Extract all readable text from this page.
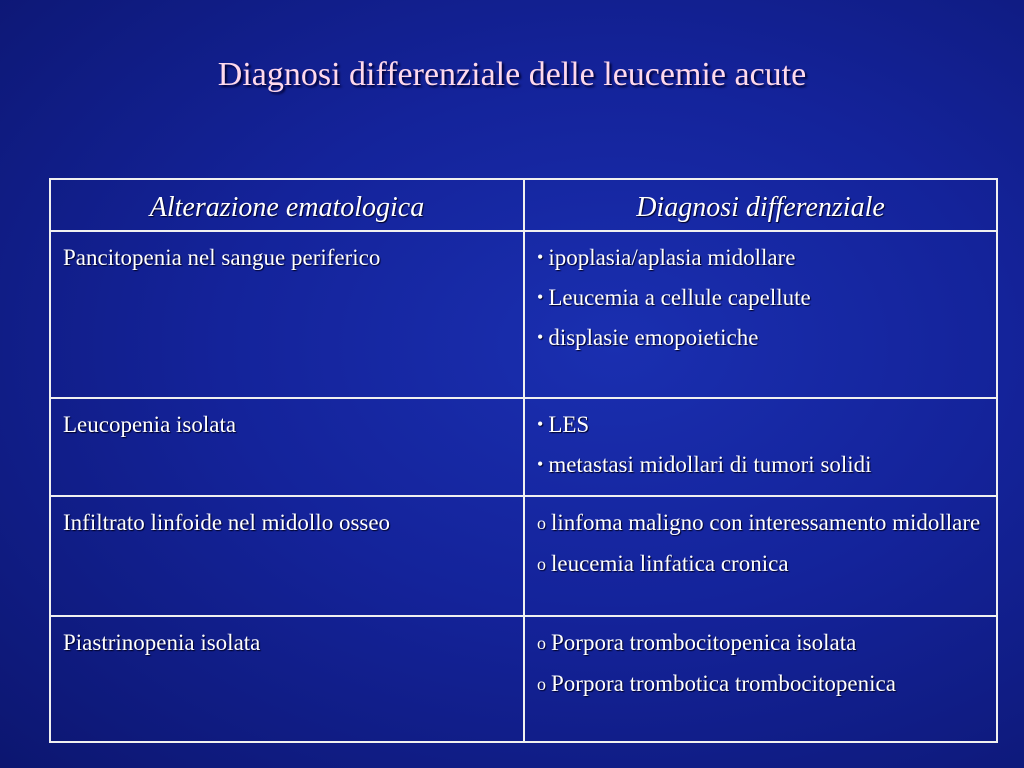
Diagnosi differenziale delle leucemie acute
Alterazione ematologica	Diagnosi differenziale
Pancitopenia nel sangue periferico	• ipoplasia/aplasia midollare
• Leucemia a cellule capellute
• displasie emopoietiche

Leucopenia isolata	• LES
• metastasi midollari di tumori solidi

Infiltrato linfoide nel midollo osseo	o linfoma maligno con interessamento midollare
o leucemia linfatica cronica

Piastrinopenia isolata	o Porpora trombocitopenica isolata
o Porpora trombotica trombocitopenica
